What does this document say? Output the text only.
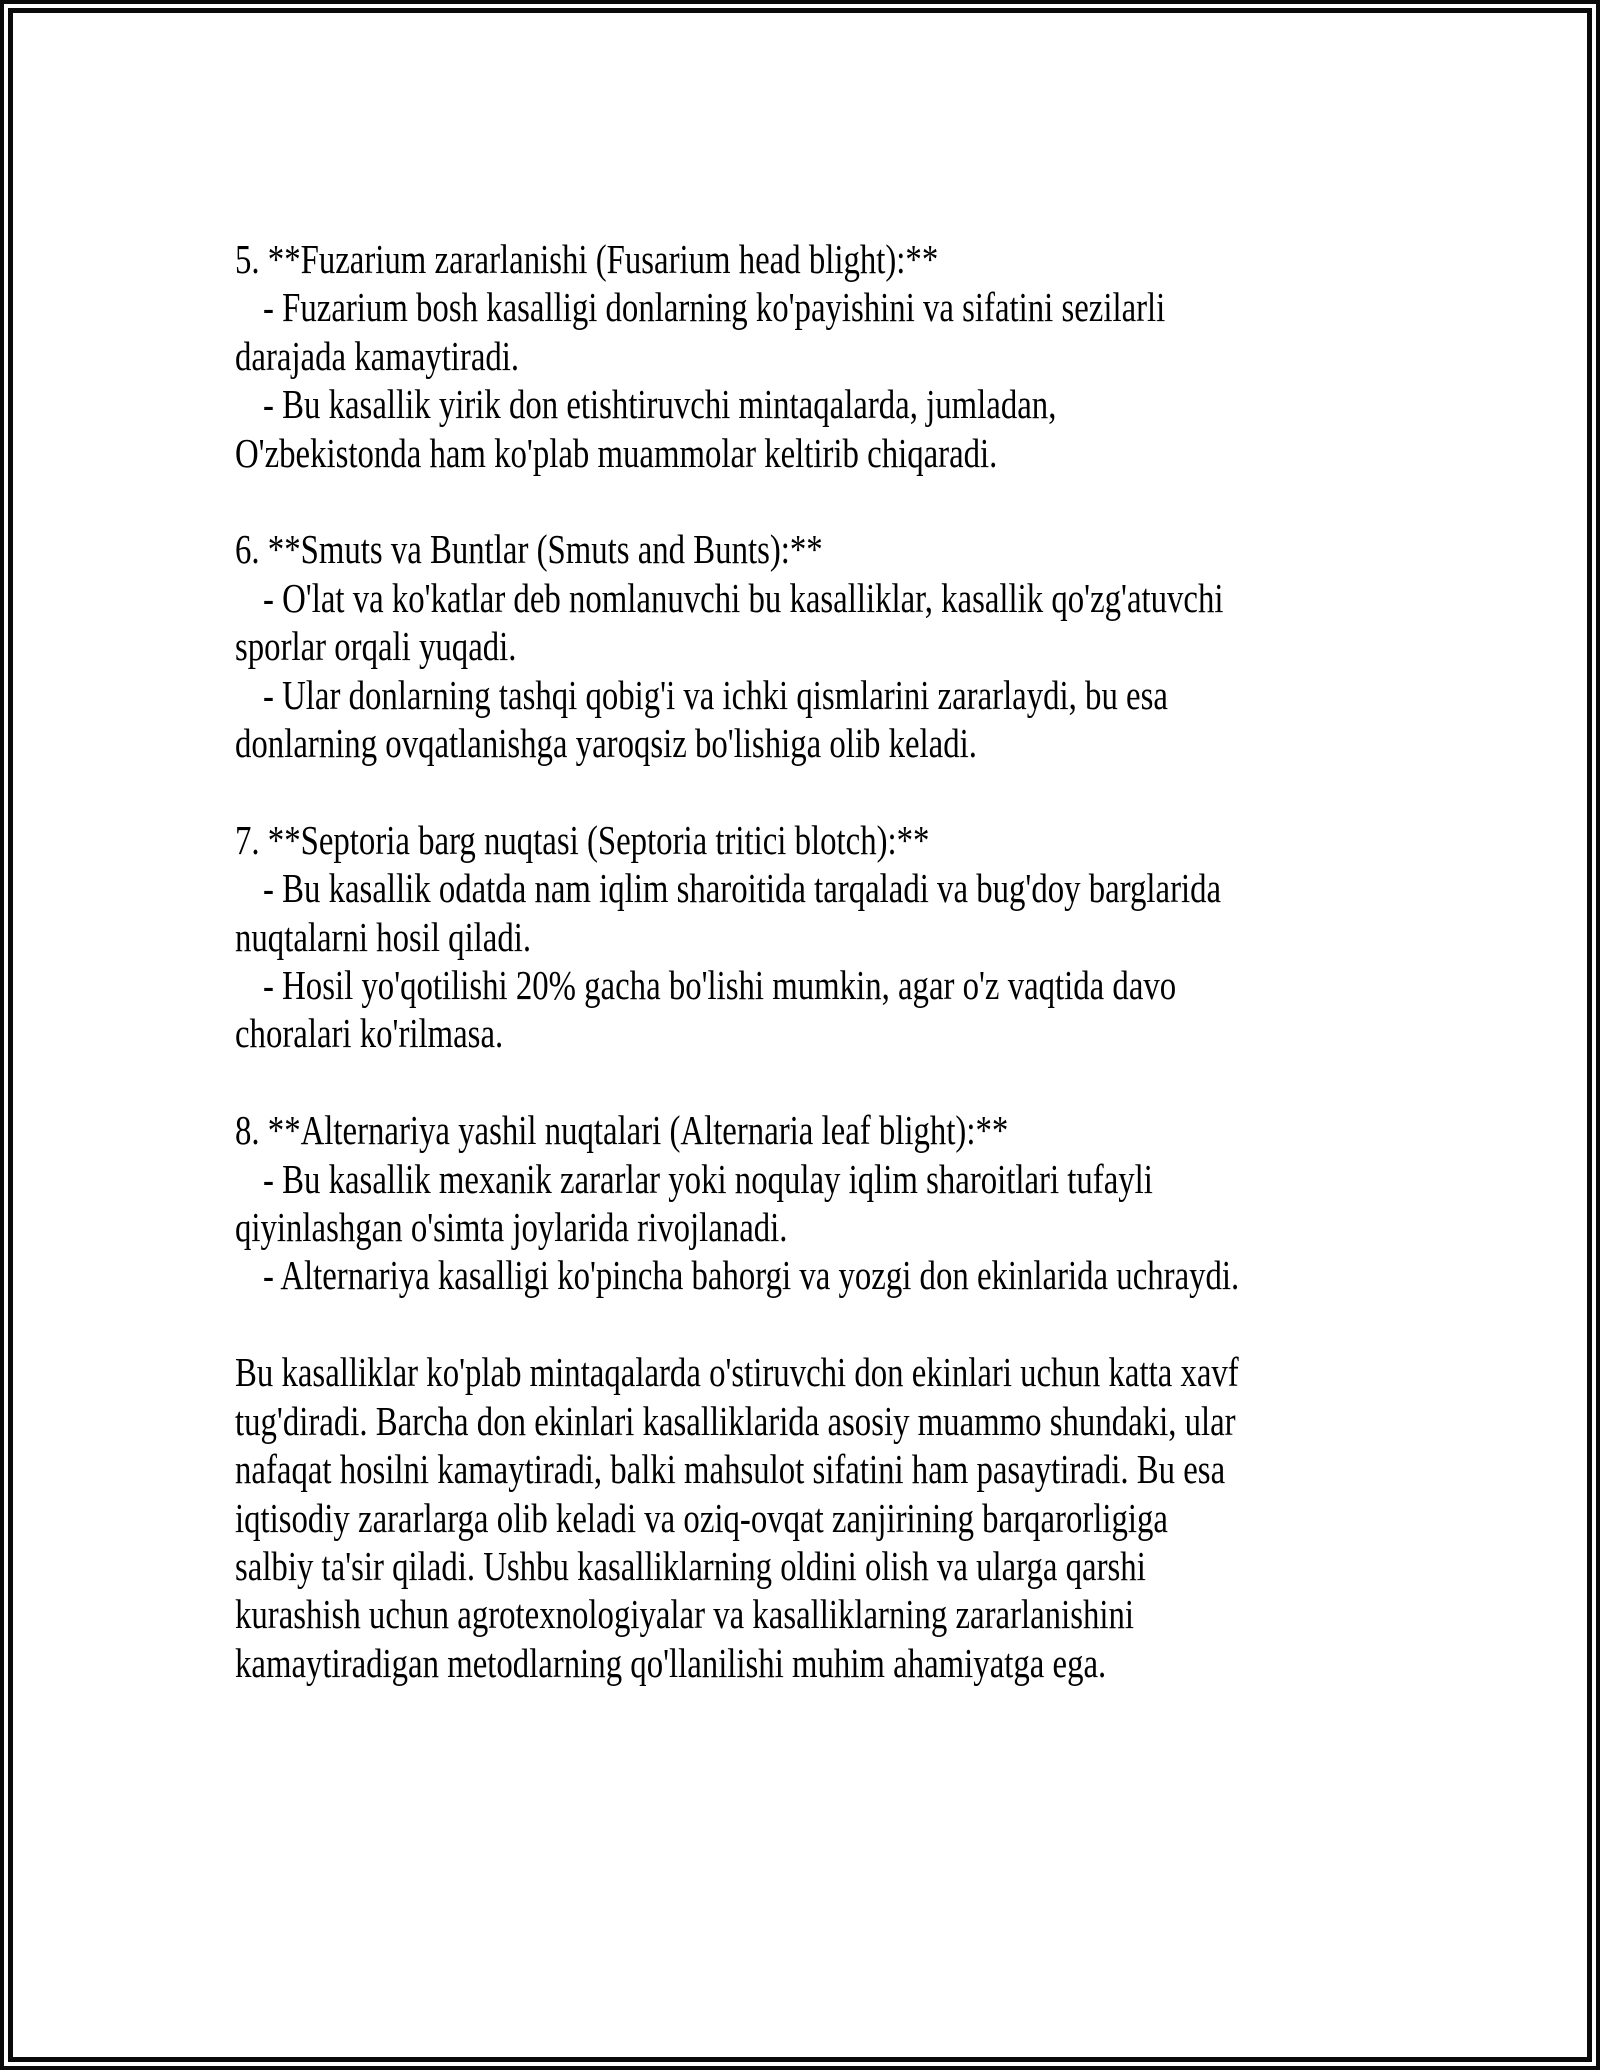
5. **Fuzarium zararlanishi (Fusarium head blight):**
- Fuzarium bosh kasalligi donlarning ko'payishini va sifatini sezilarli
darajada kamaytiradi.
- Bu kasallik yirik don etishtiruvchi mintaqalarda, jumladan,
O'zbekistonda ham ko'plab muammolar keltirib chiqaradi.
6. **Smuts va Buntlar (Smuts and Bunts):**
- O'lat va ko'katlar deb nomlanuvchi bu kasalliklar, kasallik qo'zg'atuvchi
sporlar orqali yuqadi.
- Ular donlarning tashqi qobig'i va ichki qismlarini zararlaydi, bu esa
donlarning ovqatlanishga yaroqsiz bo'lishiga olib keladi.
7. **Septoria barg nuqtasi (Septoria tritici blotch):**
- Bu kasallik odatda nam iqlim sharoitida tarqaladi va bug'doy barglarida
nuqtalarni hosil qiladi.
- Hosil yo'qotilishi 20% gacha bo'lishi mumkin, agar o'z vaqtida davo
choralari ko'rilmasa.
8. **Alternariya yashil nuqtalari (Alternaria leaf blight):**
- Bu kasallik mexanik zararlar yoki noqulay iqlim sharoitlari tufayli
qiyinlashgan o'simta joylarida rivojlanadi.
- Alternariya kasalligi ko'pincha bahorgi va yozgi don ekinlarida uchraydi.
Bu kasalliklar ko'plab mintaqalarda o'stiruvchi don ekinlari uchun katta xavf
tug'diradi. Barcha don ekinlari kasalliklarida asosiy muammo shundaki, ular
nafaqat hosilni kamaytiradi, balki mahsulot sifatini ham pasaytiradi. Bu esa
iqtisodiy zararlarga olib keladi va oziq-ovqat zanjirining barqarorligiga
salbiy ta'sir qiladi. Ushbu kasalliklarning oldini olish va ularga qarshi
kurashish uchun agrotexnologiyalar va kasalliklarning zararlanishini
kamaytiradigan metodlarning qo'llanilishi muhim ahamiyatga ega.
